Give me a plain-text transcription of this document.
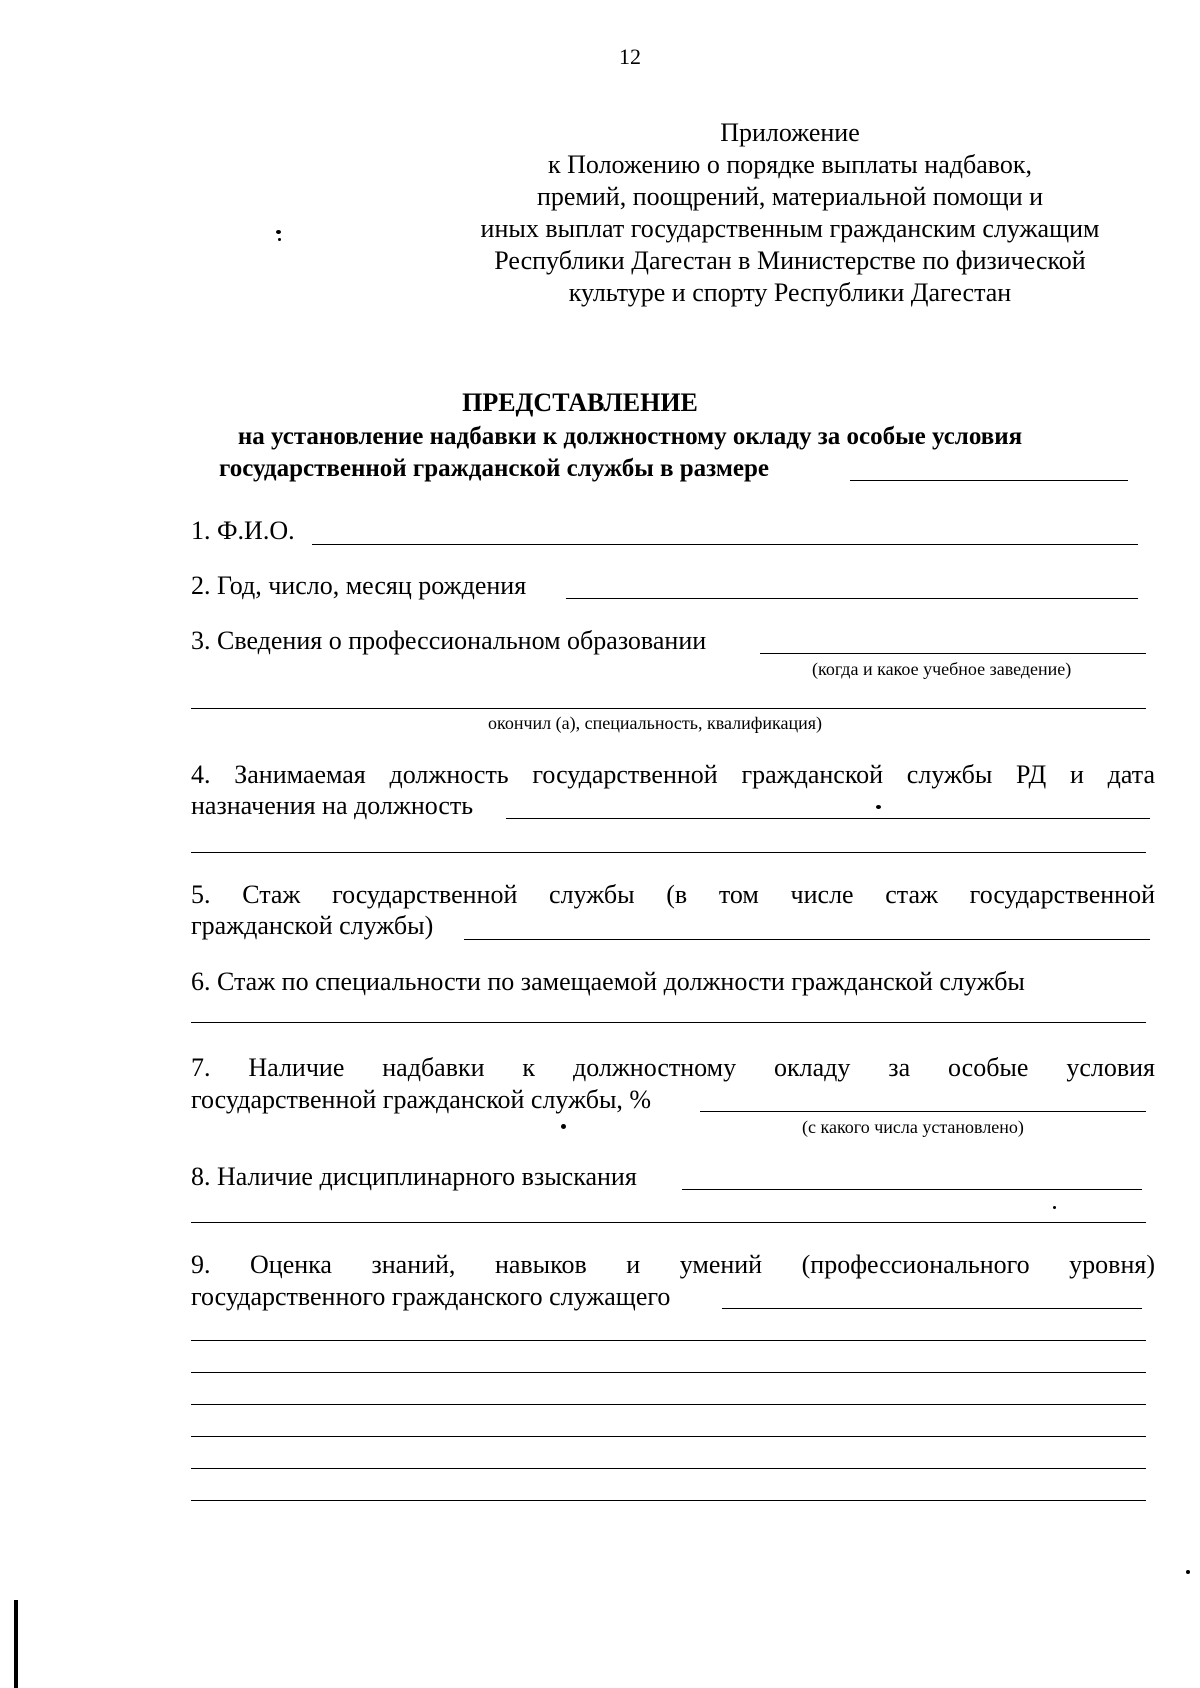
12
Приложение
к Положению о порядке выплаты надбавок,
премий, поощрений, материальной помощи и
иных выплат государственным гражданским служащим
Республики Дагестан в Министерстве по физической
культуре и спорту Республики Дагестан
ПРЕДСТАВЛЕНИЕ
на установление надбавки к должностному окладу за особые условия
государственной гражданской службы в размере
1. Ф.И.О.
2. Год, число, месяц рождения
3. Сведения о профессиональном образовании
(когда и какое учебное заведение)
окончил (а), специальность, квалификация)
4. Занимаемая должность государственной гражданской службы РД и дата
назначения на должность
5. Стаж государственной службы (в том числе стаж государственной
гражданской службы)
6. Стаж по специальности по замещаемой должности гражданской службы
7. Наличие надбавки к должностному окладу за особые условия
государственной гражданской службы, %
(с какого числа установлено)
8. Наличие дисциплинарного взыскания
9. Оценка знаний, навыков и умений (профессионального уровня)
государственного гражданского служащего
